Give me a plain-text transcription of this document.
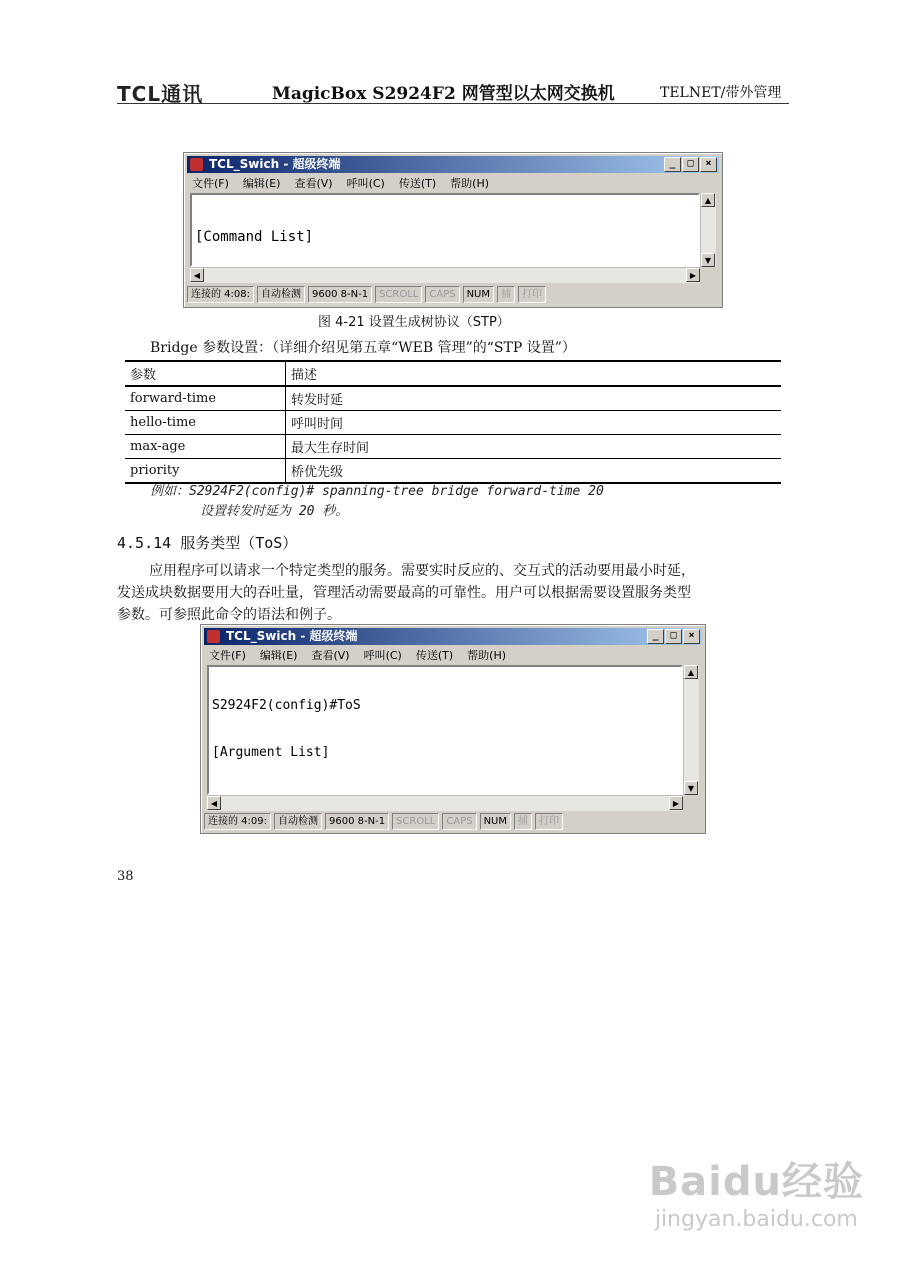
TCL通讯	MagicBox S2924F2 网管型以太网交换机	TELNET/带外管理
TCL_Swich - 超级终端	_	□	×
文件(F) 编辑(E) 查看(V) 呼叫(C) 传送(T) 帮助(H)

[Command List]

▲
▼
◀	▶
连接的 4:08:	自动检测	9600 8-N-1	SCROLL	CAPS	NUM	捕	打印
图 4-21 设置生成树协议（STP）
Bridge 参数设置：（详细介绍见第五章“WEB 管理”的“STP 设置”）
参数	描述
forward-time	转发时延
hello-time	呼叫时间
max-age	最大生存时间
priority	桥优先级
例如：S2924F2(config)# spanning-tree bridge forward-time 20
设置转发时延为 20 秒。
4.5.14 服务类型（ToS）
应用程序可以请求一个特定类型的服务。需要实时反应的、交互式的活动要用最小时延，
发送成块数据要用大的吞吐量，管理活动需要最高的可靠性。用户可以根据需要设置服务类型
参数。可参照此命令的语法和例子。
TCL_Swich - 超级终端	_	□	×
文件(F) 编辑(E) 查看(V) 呼叫(C) 传送(T) 帮助(H)

S2924F2(config)#ToS

[Argument List]

▲
▼
◀	▶
连接的 4:09:	自动检测	9600 8-N-1	SCROLL	CAPS	NUM	捕	打印
38
Baidu经验
jingyan.baidu.com
